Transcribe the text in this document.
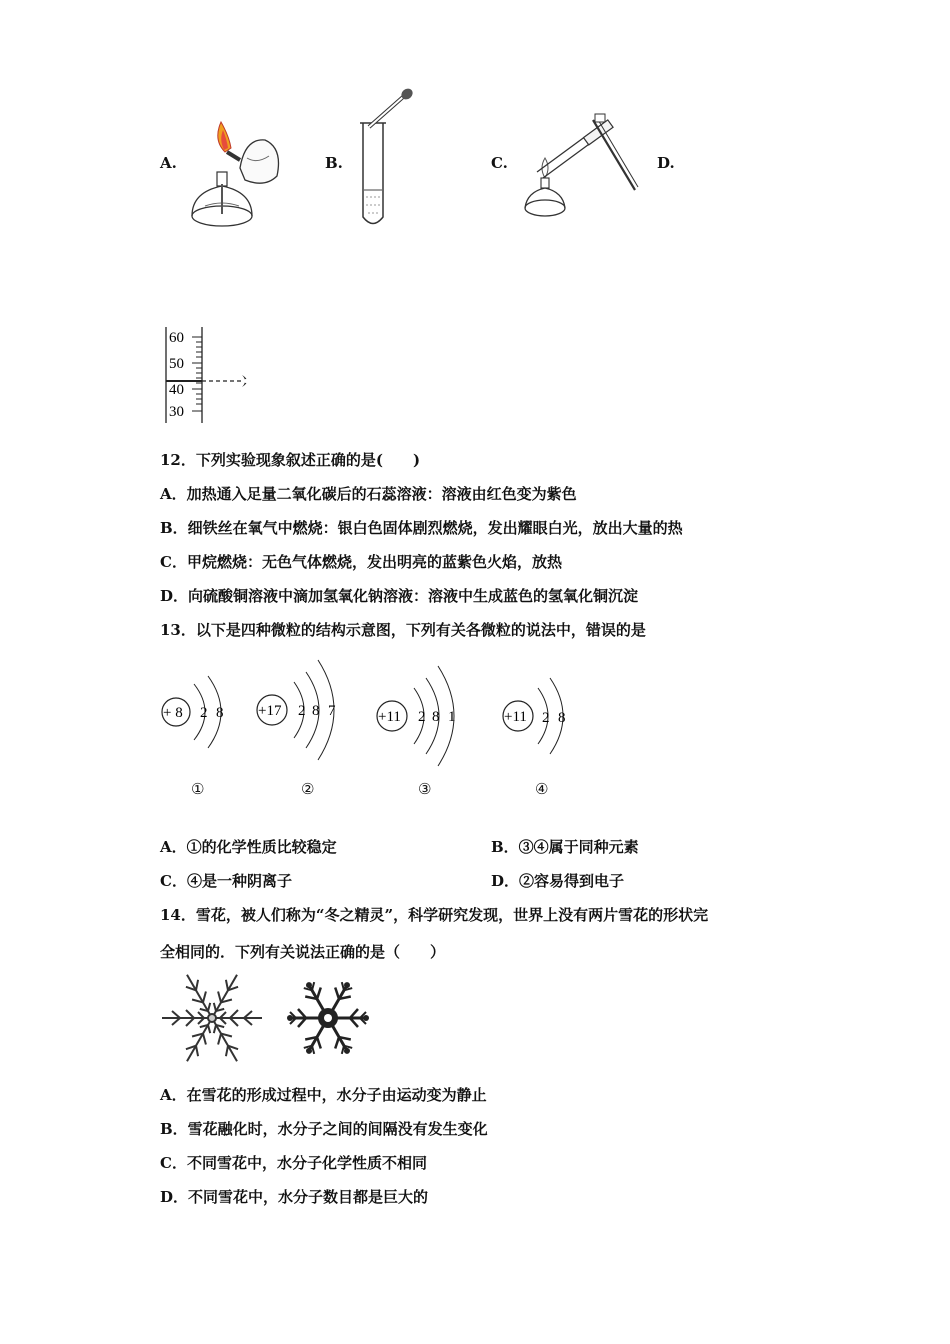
A.	B.	C.	D.
60
50
40
30
12．下列实验现象叙述正确的是(　　)
A．加热通入足量二氧化碳后的石蕊溶液：溶液由红色变为紫色
B．细铁丝在氧气中燃烧：银白色固体剧烈燃烧，发出耀眼白光，放出大量的热
C．甲烷燃烧：无色气体燃烧，发出明亮的蓝紫色火焰，放热
D．向硫酸铜溶液中滴加氢氧化钠溶液：溶液中生成蓝色的氢氧化铜沉淀
13．以下是四种微粒的结构示意图，下列有关各微粒的说法中，错误的是
+ 8 2 8 +17 2 8 7	+11 2 8 1	+11 2 8
①	②	③	④
A．①的化学性质比较稳定	B．③④属于同种元素
C．④是一种阴离子	D．②容易得到电子
14．雪花，被人们称为“冬之精灵”，科学研究发现，世界上没有两片雪花的形状完
全相同的．下列有关说法正确的是（　　）
A．在雪花的形成过程中，水分子由运动变为静止
B．雪花融化时，水分子之间的间隔没有发生变化
C．不同雪花中，水分子化学性质不相同
D．不同雪花中，水分子数目都是巨大的
